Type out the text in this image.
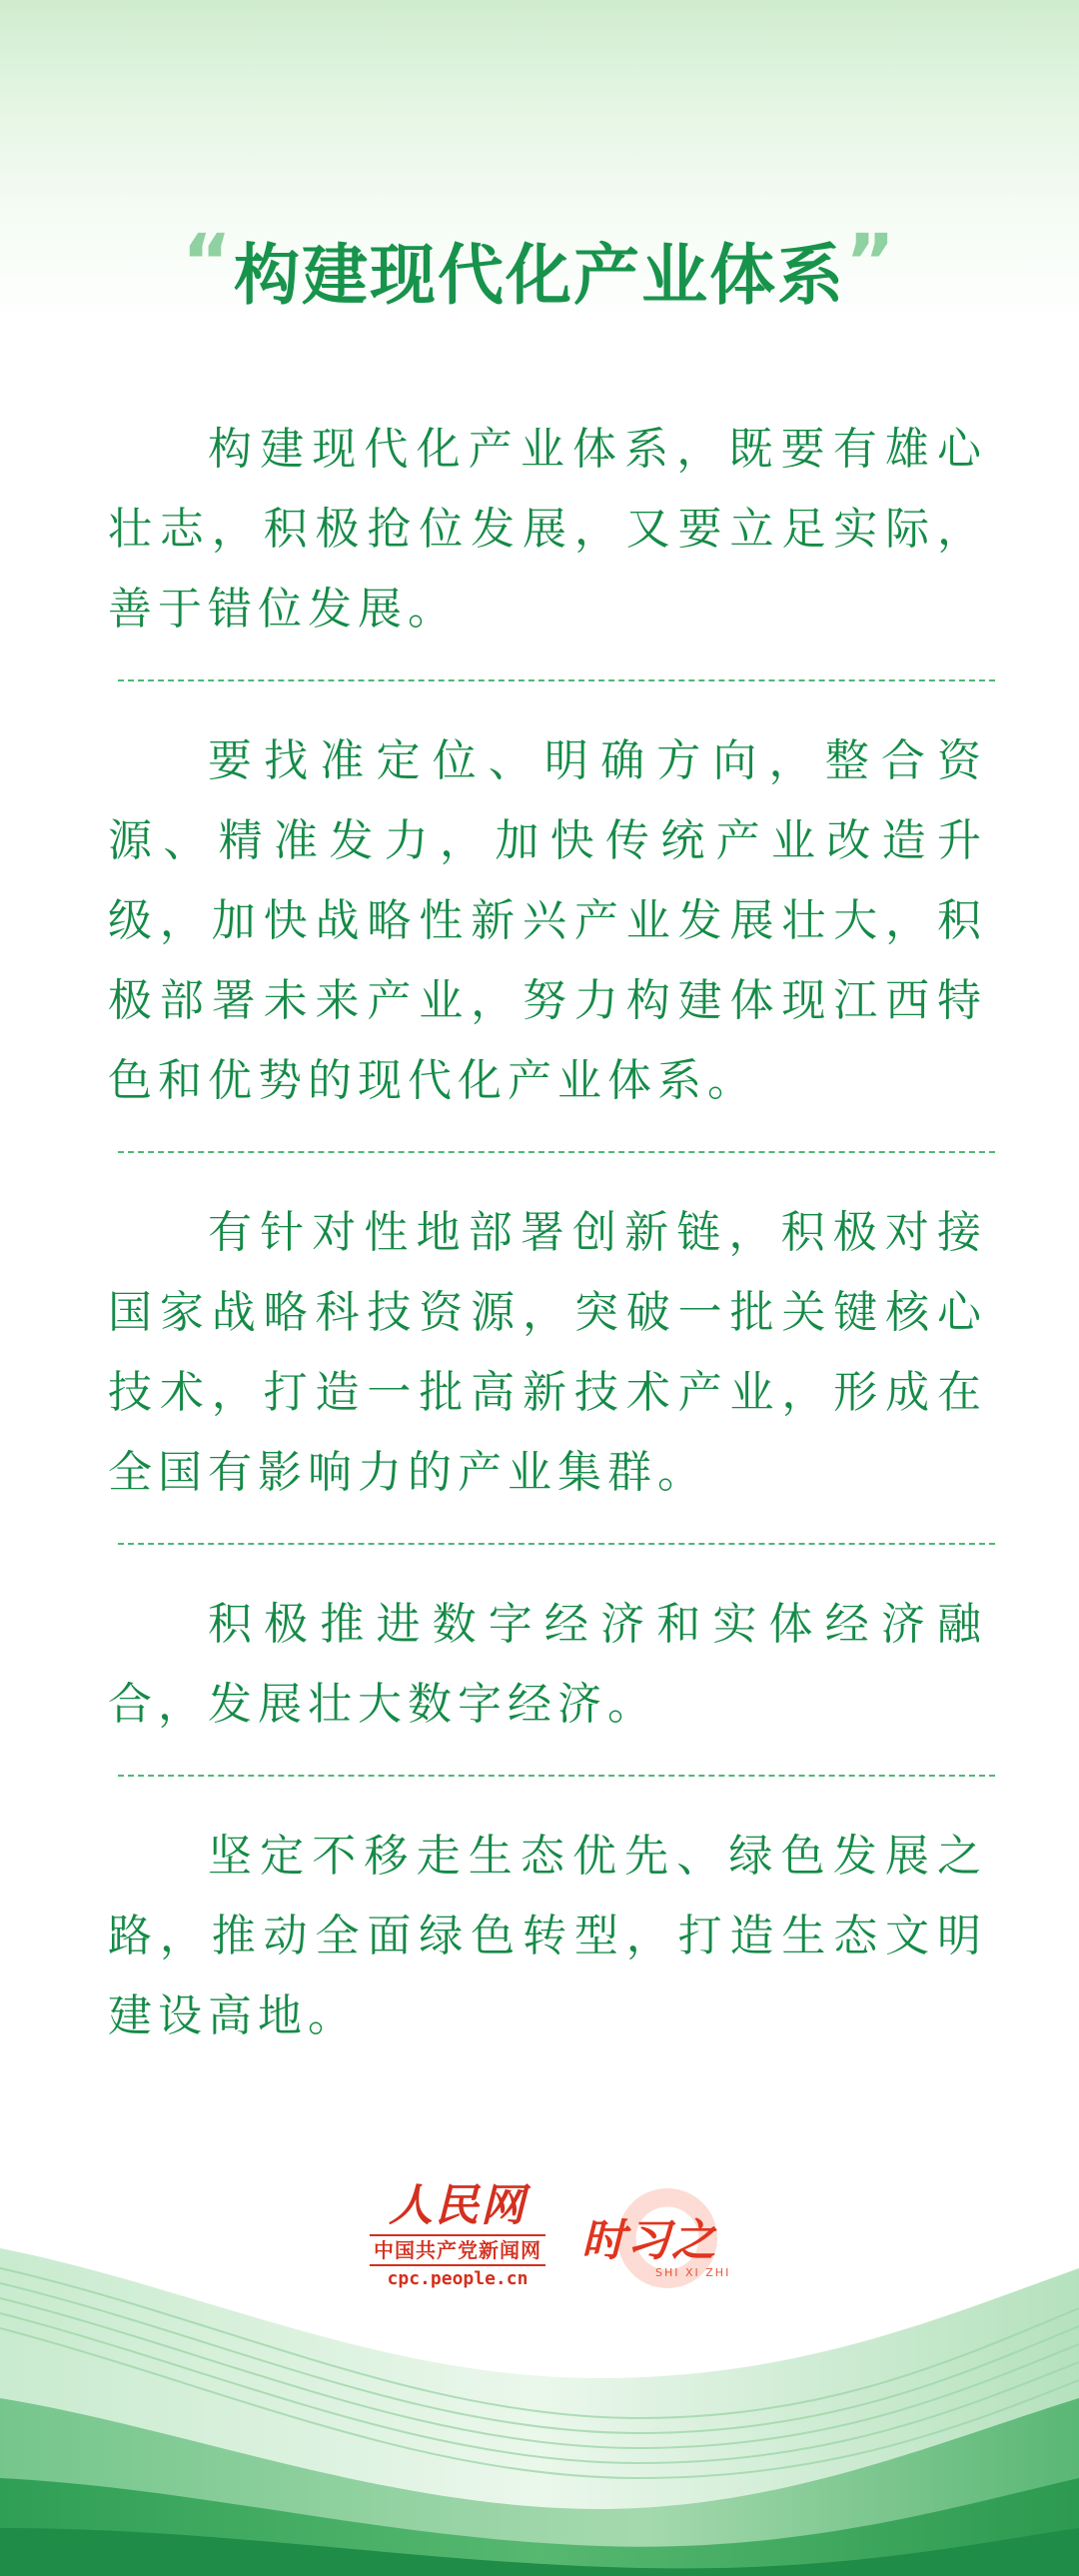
“构建现代化产业体系”

构建现代化产业体系，既要有雄心壮志，积极抢位发展，又要立足实际，善于错位发展。

要找准定位、明确方向，整合资源、精准发力，加快传统产业改造升级，加快战略性新兴产业发展壮大，积极部署未来产业，努力构建体现江西特色和优势的现代化产业体系。

有针对性地部署创新链，积极对接国家战略科技资源，突破一批关键核心技术，打造一批高新技术产业，形成在全国有影响力的产业集群。

积极推进数字经济和实体经济融合，发展壮大数字经济。

坚定不移走生态优先、绿色发展之路，推动全面绿色转型，打造生态文明建设高地。

人民网
中国共产党新闻网
cpc.people.cn
时习之
SHI XI ZHI
